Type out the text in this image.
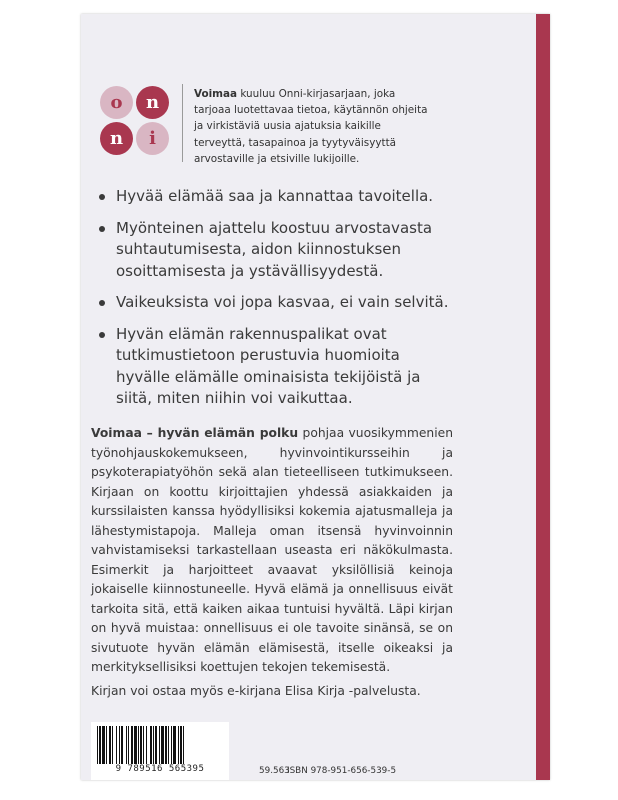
o	n
n	i
Voimaa kuuluu Onni-kirjasarjaan, joka tarjoaa luotettavaa tietoa, käytännön ohjeita ja virkistäviä uusia ajatuksia kaikille terveyttä, tasapainoa ja tyytyväisyyttä arvostaville ja etsiville lukijoille.
Hyvää elämää saa ja kannattaa tavoitella.
Myönteinen ajattelu koostuu arvostavasta suhtautumisesta, aidon kiinnostuksen osoittamisesta ja ystävällisyydestä.
Vaikeuksista voi jopa kasvaa, ei vain selvitä.
Hyvän elämän rakennuspalikat ovat tutkimustietoon perustuvia huomioita hyvälle elämälle ominaisista tekijöistä ja siitä, miten niihin voi vaikuttaa.
Voimaa – hyvän elämän polku pohjaa vuosikymmenien työnohjauskokemukseen, hyvinvointikursseihin ja psykoterapiatyöhön sekä alan tieteelliseen tutkimukseen. Kirjaan on koottu kirjoittajien yhdessä asiakkaiden ja kurssilaisten kanssa hyödyllisiksi kokemia ajatusmalleja ja lähestymistapoja. Malleja oman itsensä hyvinvoinnin vahvistamiseksi tarkastellaan useasta eri näkökulmasta. Esimerkit ja harjoitteet avaavat yksilöllisiä keinoja jokaiselle kiinnostuneelle. Hyvä elämä ja onnellisuus eivät tarkoita sitä, että kaiken aikaa tuntuisi hyvältä. Läpi kirjan on hyvä muistaa: onnellisuus ei ole tavoite sinänsä, se on sivutuote hyvän elämän elämisestä, itselle oikeaksi ja merkityksellisiksi koettujen tekojen tekemisestä.
Kirjan voi ostaa myös e-kirjana Elisa Kirja -palvelusta.
9 789516 565395	59.563
ISBN 978-951-656-539-5
